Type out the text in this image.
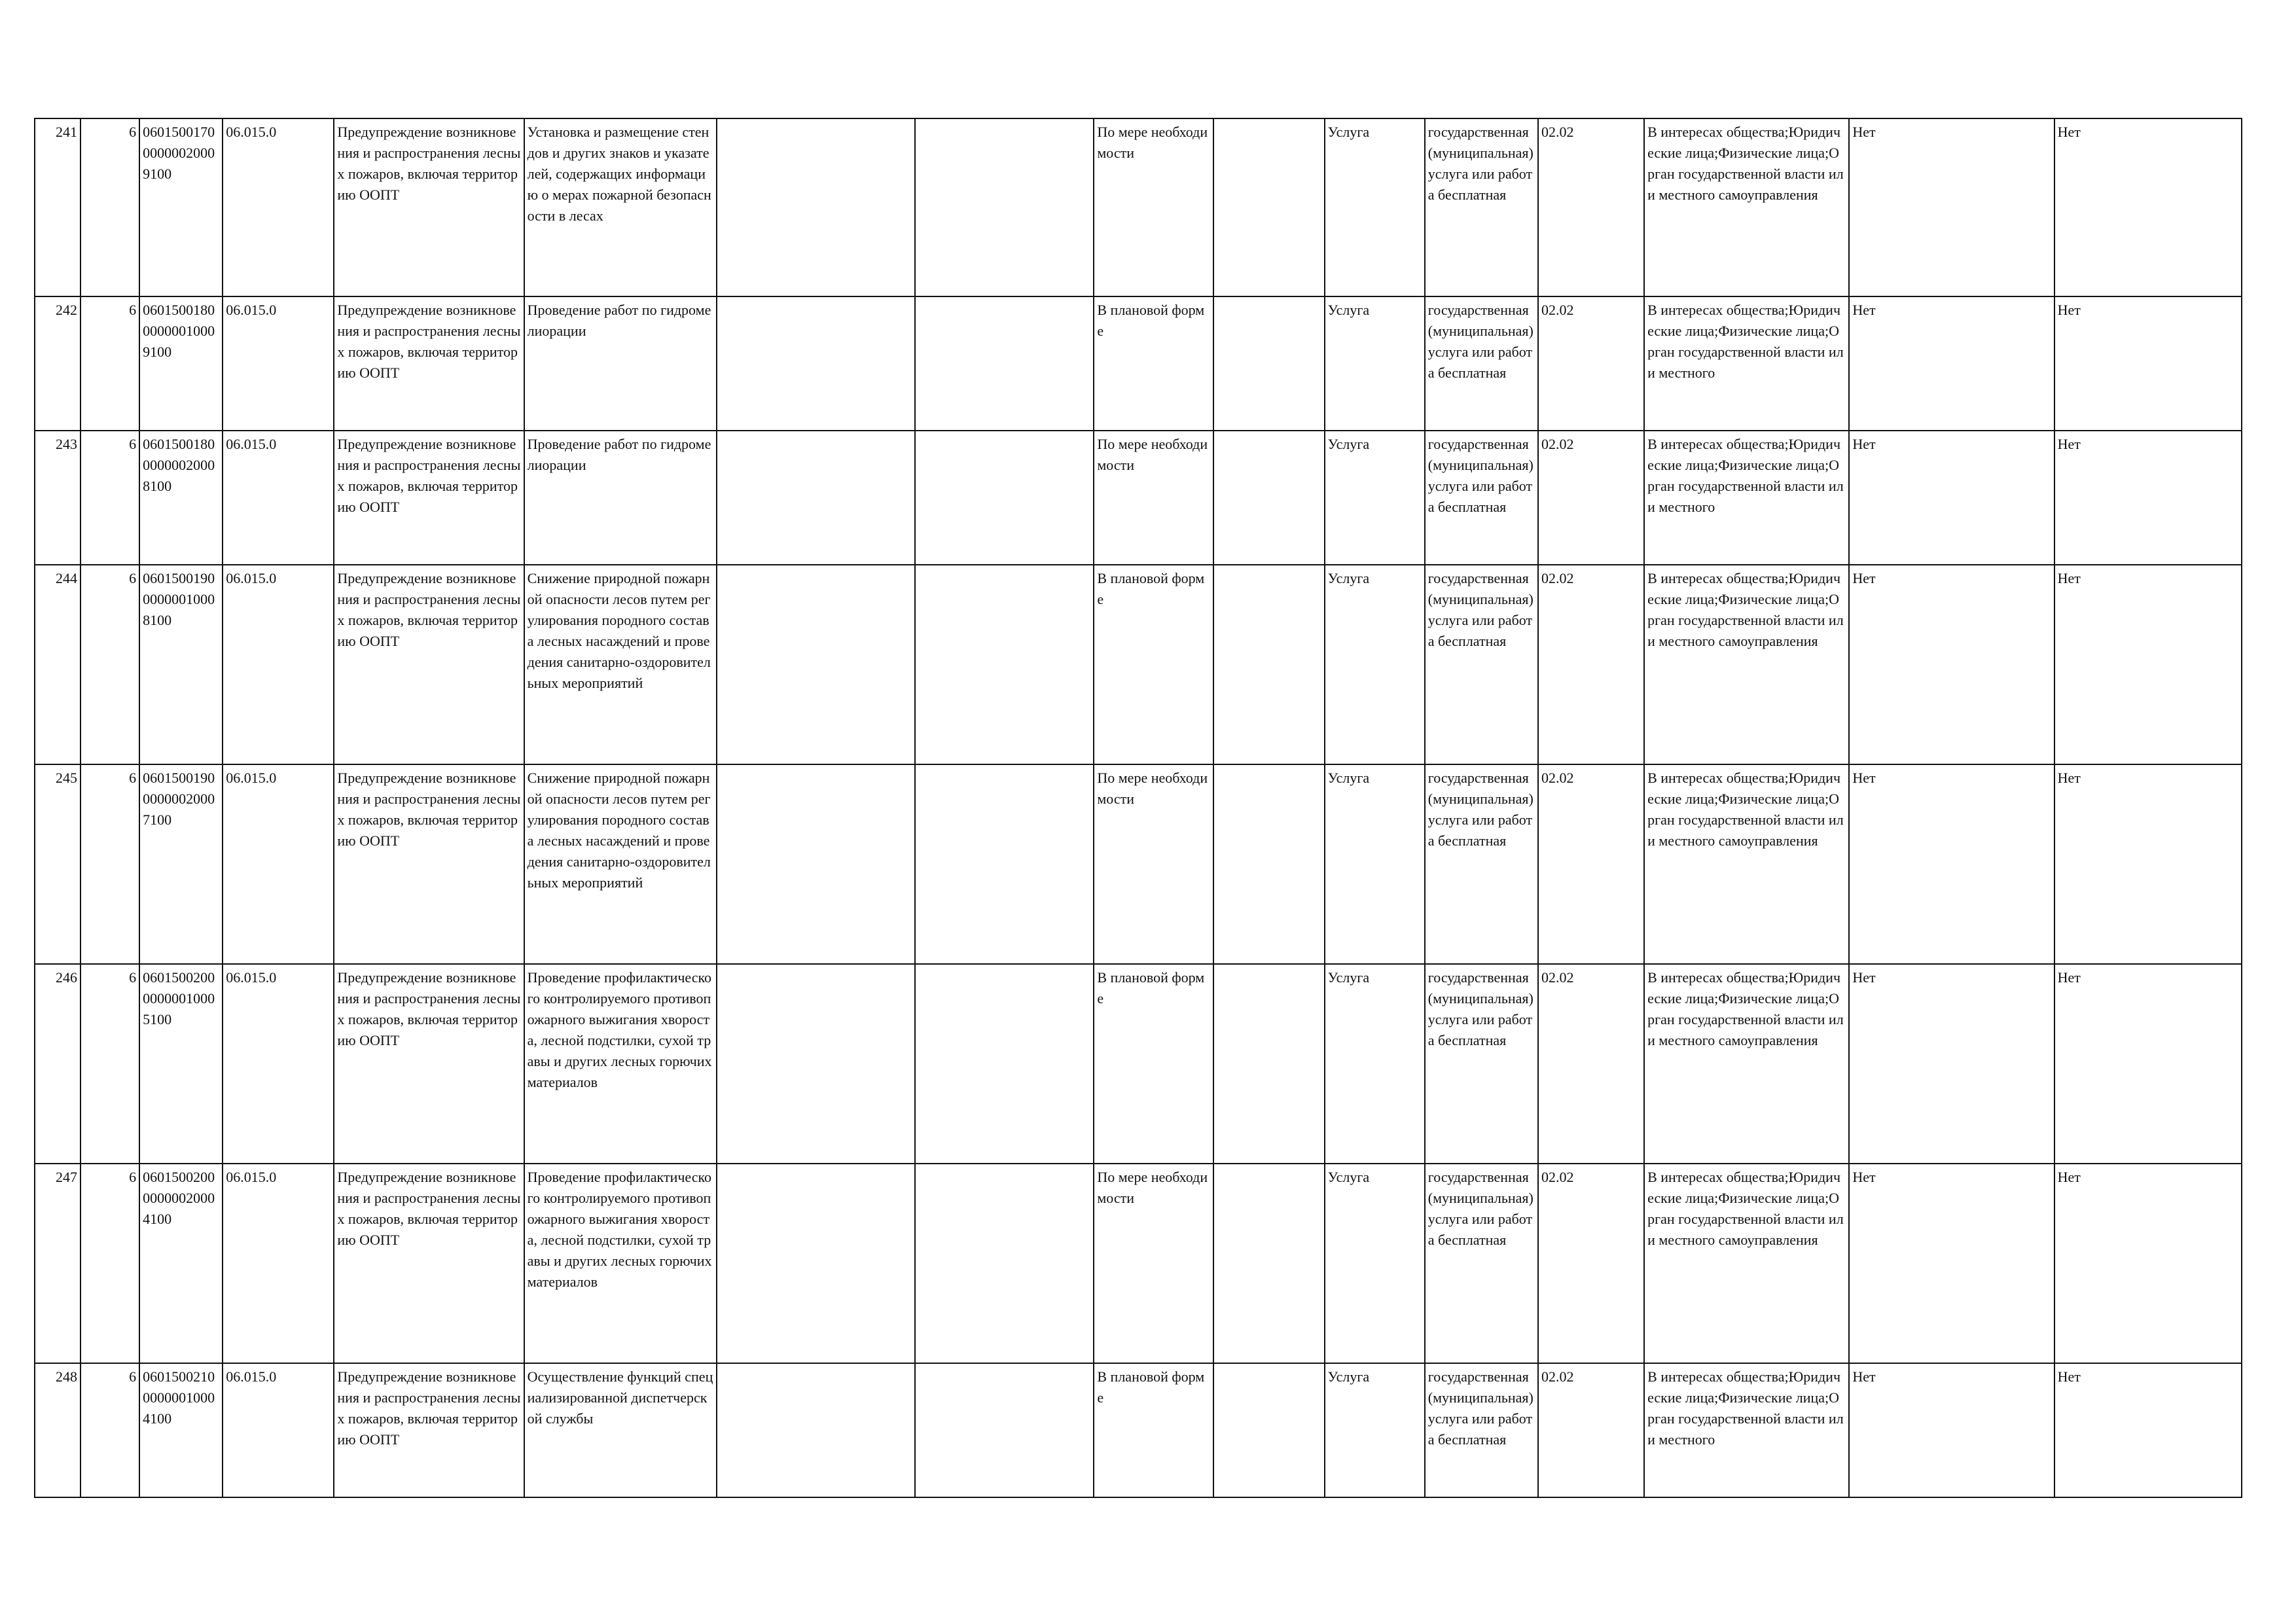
241	6	060150017000000020009100	06.015.0	Предупреждение возникновения и распространения лесных пожаров, включая территорию ООПТ	Установка и размещение стендов и других знаков и указателей, содержащих информацию о мерах пожарной безопасности в лесах			По мере необходимости		Услуга	государственная (муниципальная) услуга или работа бесплатная	02.02	В интересах общества;Юридические лица;Физические лица;Орган государственной власти или местного самоуправления	Нет	Нет
242	6	060150018000000010009100	06.015.0	Предупреждение возникновения и распространения лесных пожаров, включая территорию ООПТ	Проведение работ по гидромелиорации			В плановой форме		Услуга	государственная (муниципальная) услуга или работа бесплатная	02.02	В интересах общества;Юридические лица;Физические лица;Орган государственной власти или местного	Нет	Нет
243	6	060150018000000020008100	06.015.0	Предупреждение возникновения и распространения лесных пожаров, включая территорию ООПТ	Проведение работ по гидромелиорации			По мере необходимости		Услуга	государственная (муниципальная) услуга или работа бесплатная	02.02	В интересах общества;Юридические лица;Физические лица;Орган государственной власти или местного	Нет	Нет
244	6	060150019000000010008100	06.015.0	Предупреждение возникновения и распространения лесных пожаров, включая территорию ООПТ	Снижение природной пожарной опасности лесов путем регулирования породного состава лесных насаждений и проведения санитарно-оздоровительных мероприятий			В плановой форме		Услуга	государственная (муниципальная) услуга или работа бесплатная	02.02	В интересах общества;Юридические лица;Физические лица;Орган государственной власти или местного самоуправления	Нет	Нет
245	6	060150019000000020007100	06.015.0	Предупреждение возникновения и распространения лесных пожаров, включая территорию ООПТ	Снижение природной пожарной опасности лесов путем регулирования породного состава лесных насаждений и проведения санитарно-оздоровительных мероприятий			По мере необходимости		Услуга	государственная (муниципальная) услуга или работа бесплатная	02.02	В интересах общества;Юридические лица;Физические лица;Орган государственной власти или местного самоуправления	Нет	Нет
246	6	060150020000000010005100	06.015.0	Предупреждение возникновения и распространения лесных пожаров, включая территорию ООПТ	Проведение профилактического контролируемого противопожарного выжигания хвороста, лесной подстилки, сухой травы и других лесных горючих материалов			В плановой форме		Услуга	государственная (муниципальная) услуга или работа бесплатная	02.02	В интересах общества;Юридические лица;Физические лица;Орган государственной власти или местного самоуправления	Нет	Нет
247	6	060150020000000020004100	06.015.0	Предупреждение возникновения и распространения лесных пожаров, включая территорию ООПТ	Проведение профилактического контролируемого противопожарного выжигания хвороста, лесной подстилки, сухой травы и других лесных горючих материалов			По мере необходимости		Услуга	государственная (муниципальная) услуга или работа бесплатная	02.02	В интересах общества;Юридические лица;Физические лица;Орган государственной власти или местного самоуправления	Нет	Нет
248	6	060150021000000010004100	06.015.0	Предупреждение возникновения и распространения лесных пожаров, включая территорию ООПТ	Осуществление функций специализированной диспетчерской службы			В плановой форме		Услуга	государственная (муниципальная) услуга или работа бесплатная	02.02	В интересах общества;Юридические лица;Физические лица;Орган государственной власти или местного	Нет	Нет
